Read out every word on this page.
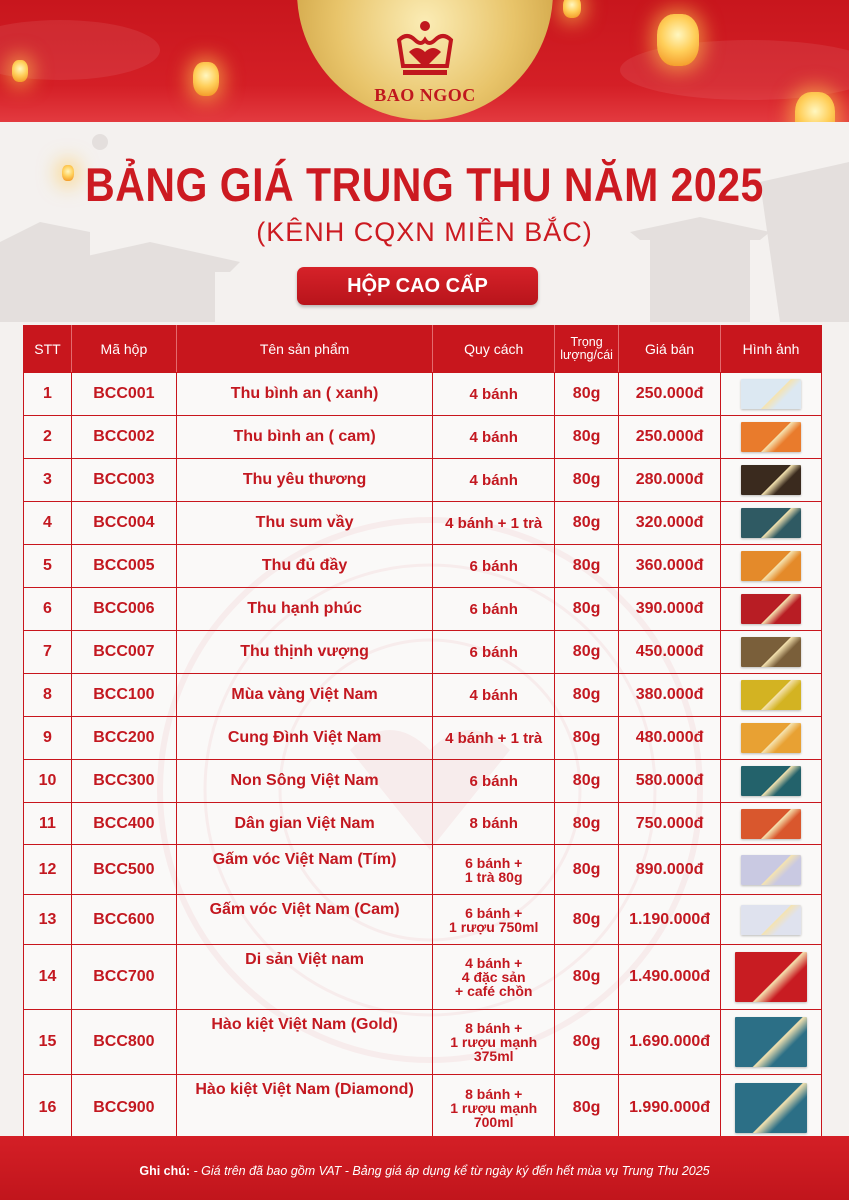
BAO NGOC
BẢNG GIÁ TRUNG THU NĂM 2025
(KÊNH CQXN MIỀN BẮC)
HỘP CAO CẤP
STT	Mã hộp	Tên sản phẩm	Quy cách	Trọng
lượng/cái	Giá bán	Hình ảnh
1	BCC001	Thu bình an ( xanh)	4 bánh	80g	250.000đ	
2	BCC002	Thu bình an ( cam)	4 bánh	80g	250.000đ	
3	BCC003	Thu yêu thương	4 bánh	80g	280.000đ	
4	BCC004	Thu sum vầy	4 bánh + 1 trà	80g	320.000đ	
5	BCC005	Thu đủ đầy	6 bánh	80g	360.000đ	
6	BCC006	Thu hạnh phúc	6 bánh	80g	390.000đ	
7	BCC007	Thu thịnh vượng	6 bánh	80g	450.000đ	
8	BCC100	Mùa vàng Việt Nam	4 bánh	80g	380.000đ	
9	BCC200	Cung Đình Việt Nam	4 bánh + 1 trà	80g	480.000đ	
10	BCC300	Non Sông Việt Nam	6 bánh	80g	580.000đ	
11	BCC400	Dân gian Việt Nam	8 bánh	80g	750.000đ	
12	BCC500	Gấm vóc Việt Nam (Tím)	6 bánh +
1 trà 80g	80g	890.000đ	
13	BCC600	Gấm vóc Việt Nam (Cam)	6 bánh +
1 rượu 750ml	80g	1.190.000đ	
14	BCC700	Di sản Việt nam	4 bánh +
4 đặc sản
+ café chồn	80g	1.490.000đ	
15	BCC800	Hào kiệt Việt Nam (Gold)	8 bánh +
1 rượu mạnh
375ml	80g	1.690.000đ	
16	BCC900	Hào kiệt Việt Nam (Diamond)	8 bánh +
1 rượu mạnh
700ml	80g	1.990.000đ	
Ghi chú: - Giá trên đã bao gồm VAT - Bảng giá áp dụng kể từ ngày ký đến hết mùa vụ Trung Thu 2025
